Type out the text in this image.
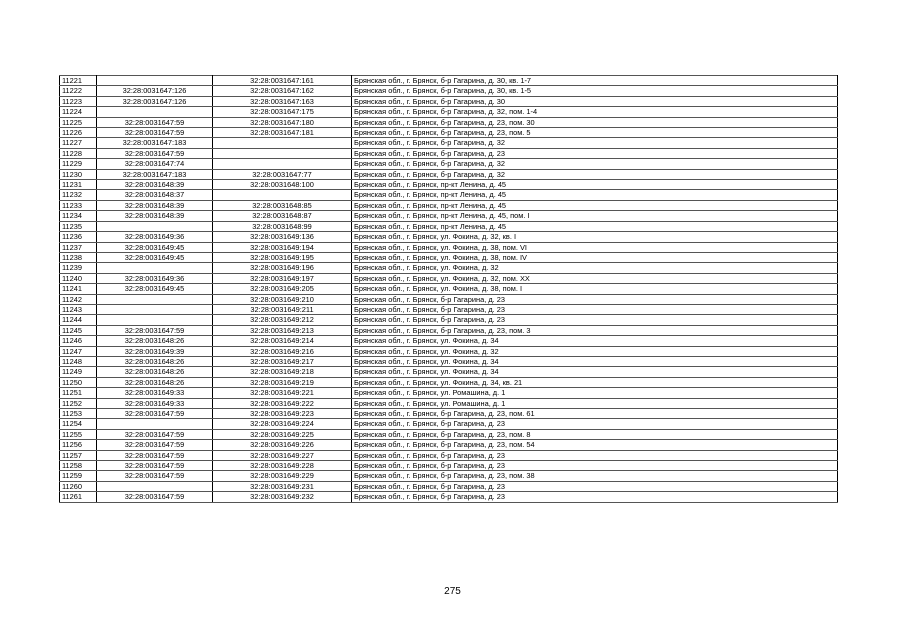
11221		32:28:0031647:161	Брянская обл., г. Брянск, б-р Гагарина, д. 30, кв. 1-7
11222	32:28:0031647:126	32:28:0031647:162	Брянская обл., г. Брянск, б-р Гагарина, д. 30, кв. 1-5
11223	32:28:0031647:126	32:28:0031647:163	Брянская обл., г. Брянск, б-р Гагарина, д. 30
11224		32:28:0031647:175	Брянская обл., г. Брянск, б-р Гагарина, д. 32, пом. 1-4
11225	32:28:0031647:59	32:28:0031647:180	Брянская обл., г. Брянск, б-р Гагарина, д. 23, пом. 30
11226	32:28:0031647:59	32:28:0031647:181	Брянская обл., г. Брянск, б-р Гагарина, д. 23, пом. 5
11227	32:28:0031647:183		Брянская обл., г. Брянск, б-р Гагарина, д. 32
11228	32:28:0031647:59		Брянская обл., г. Брянск, б-р Гагарина, д. 23
11229	32:28:0031647:74		Брянская обл., г. Брянск, б-р Гагарина, д. 32
11230	32:28:0031647:183	32:28:0031647:77	Брянская обл., г. Брянск, б-р Гагарина, д. 32
11231	32:28:0031648:39	32:28:0031648:100	Брянская обл., г. Брянск, пр-кт Ленина, д. 45
11232	32:28:0031648:37		Брянская обл., г. Брянск, пр-кт Ленина, д. 45
11233	32:28:0031648:39	32:28:0031648:85	Брянская обл., г. Брянск, пр-кт Ленина, д. 45
11234	32:28:0031648:39	32:28:0031648:87	Брянская обл., г. Брянск, пр-кт Ленина, д. 45, пом. I
11235		32:28:0031648:99	Брянская обл., г. Брянск, пр-кт Ленина, д. 45
11236	32:28:0031649:36	32:28:0031649:136	Брянская обл., г. Брянск, ул. Фокина, д. 32, кв. I
11237	32:28:0031649:45	32:28:0031649:194	Брянская обл., г. Брянск, ул. Фокина, д. 38, пом. VI
11238	32:28:0031649:45	32:28:0031649:195	Брянская обл., г. Брянск, ул. Фокина, д. 38, пом. IV
11239		32:28:0031649:196	Брянская обл., г. Брянск, ул. Фокина, д. 32
11240	32:28:0031649:36	32:28:0031649:197	Брянская обл., г. Брянск, ул. Фокина, д. 32, пом. XX
11241	32:28:0031649:45	32:28:0031649:205	Брянская обл., г. Брянск, ул. Фокина, д. 38, пом. I
11242		32:28:0031649:210	Брянская обл., г. Брянск, б-р Гагарина, д. 23
11243		32:28:0031649:211	Брянская обл., г. Брянск, б-р Гагарина, д. 23
11244		32:28:0031649:212	Брянская обл., г. Брянск, б-р Гагарина, д. 23
11245	32:28:0031647:59	32:28:0031649:213	Брянская обл., г. Брянск, б-р Гагарина, д. 23, пом. 3
11246	32:28:0031648:26	32:28:0031649:214	Брянская обл., г. Брянск, ул. Фокина, д. 34
11247	32:28:0031649:39	32:28:0031649:216	Брянская обл., г. Брянск, ул. Фокина, д. 32
11248	32:28:0031648:26	32:28:0031649:217	Брянская обл., г. Брянск, ул. Фокина, д. 34
11249	32:28:0031648:26	32:28:0031649:218	Брянская обл., г. Брянск, ул. Фокина, д. 34
11250	32:28:0031648:26	32:28:0031649:219	Брянская обл., г. Брянск, ул. Фокина, д. 34, кв. 21
11251	32:28:0031649:33	32:28:0031649:221	Брянская обл., г. Брянск, ул. Ромашина, д. 1
11252	32:28:0031649:33	32:28:0031649:222	Брянская обл., г. Брянск, ул. Ромашина, д. 1
11253	32:28:0031647:59	32:28:0031649:223	Брянская обл., г. Брянск, б-р Гагарина, д. 23, пом. 61
11254		32:28:0031649:224	Брянская обл., г. Брянск, б-р Гагарина, д. 23
11255	32:28:0031647:59	32:28:0031649:225	Брянская обл., г. Брянск, б-р Гагарина, д. 23, пом. 8
11256	32:28:0031647:59	32:28:0031649:226	Брянская обл., г. Брянск, б-р Гагарина, д. 23, пом. 54
11257	32:28:0031647:59	32:28:0031649:227	Брянская обл., г. Брянск, б-р Гагарина, д. 23
11258	32:28:0031647:59	32:28:0031649:228	Брянская обл., г. Брянск, б-р Гагарина, д. 23
11259	32:28:0031647:59	32:28:0031649:229	Брянская обл., г. Брянск, б-р Гагарина, д. 23, пом. 38
11260		32:28:0031649:231	Брянская обл., г. Брянск, б-р Гагарина, д. 23
11261	32:28:0031647:59	32:28:0031649:232	Брянская обл., г. Брянск, б-р Гагарина, д. 23
275
